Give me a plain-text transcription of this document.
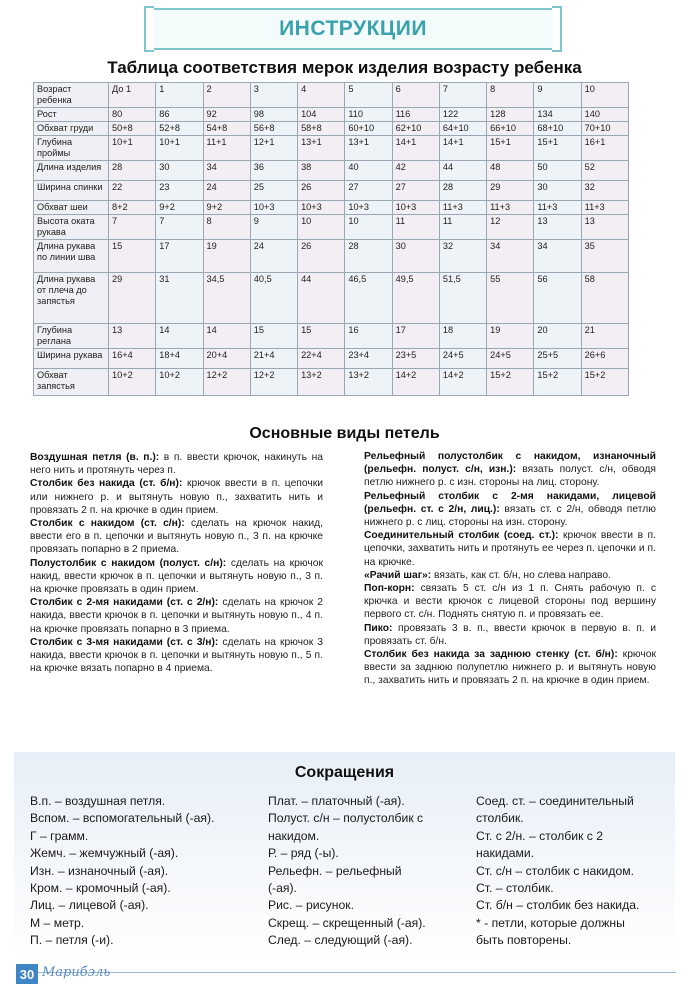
ИНСТРУКЦИИ
Таблица соответствия мерок изделия возрасту ребенка
Возраст ребенка	До 1	1	2	3	4	5	6	7	8	9	10
Рост	80	86	92	98	104	110	116	122	128	134	140
Обхват груди	50+8	52+8	54+8	56+8	58+8	60+10	62+10	64+10	66+10	68+10	70+10
Глубина проймы	10+1	10+1	11+1	12+1	13+1	13+1	14+1	14+1	15+1	15+1	16+1
Длина изделия	28	30	34	36	38	40	42	44	48	50	52
Ширина спинки	22	23	24	25	26	27	27	28	29	30	32
Обхват шеи	8+2	9+2	9+2	10+3	10+3	10+3	10+3	11+3	11+3	11+3	11+3
Высота оката рукава	7	7	8	9	10	10	11	11	12	13	13
Длина рукава по линии шва	15	17	19	24	26	28	30	32	34	34	35
Длина рукава от плеча до запястья	29	31	34,5	40,5	44	46,5	49,5	51,5	55	56	58
Глубина реглана	13	14	14	15	15	16	17	18	19	20	21
Ширина рукава	16+4	18+4	20+4	21+4	22+4	23+4	23+5	24+5	24+5	25+5	26+6
Обхват запястья	10+2	10+2	12+2	12+2	13+2	13+2	14+2	14+2	15+2	15+2	15+2
Основные виды петель

Воздушная петля (в. п.): в п. ввести крючок, накинуть на него нить и протянуть через п.

Столбик без накида (ст. б/н): крючок ввести в п. цепочки или нижнего р. и вытянуть новую п., захватить нить и провязать 2 п. на крючке в один прием.

Столбик с накидом (ст. с/н): сделать на крючок накид, ввести его в п. цепочки и вытянуть новую п., 3 п. на крючке провязать попарно в 2 приема.

Полустолбик с накидом (полуст. с/н): сделать на крючок накид, ввести крючок в п. цепочки и вытянуть новую п., 3 п. на крючке провязать в один прием.

Столбик с 2-мя накидами (ст. с 2/н): сделать на крючок 2 накида, ввести крючок в п. цепочки и вытянуть новую п., 4 п. на крючке провязать попарно в 3 приема.

Столбик с 3-мя накидами (ст. с 3/н): сделать на крючок 3 накида, ввести крючок в п. цепочки и вытянуть новую п., 5 п. на крючке вязать попарно в 4 приема.

Рельефный полустолбик с накидом, изнаночный (рельефн. полуст. с/н, изн.): вязать полуст. с/н, обводя петлю нижнего р. с изн. стороны на лиц. сторону.

Рельефный столбик с 2-мя накидами, лицевой (рельефн. ст. с 2/н, лиц.): вязать ст. с 2/н, обводя петлю нижнего р. с лиц. стороны на изн. сторону.

Соединительный столбик (соед. ст.): крючок ввести в п. цепочки, захватить нить и протянуть ее через п. цепочки и п. на крючке.

«Рачий шаг»: вязать, как ст. б/н, но слева направо.

Поп-корн: связать 5 ст. с/н из 1 п. Снять рабочую п. с крючка и вести крючок с лицевой стороны под вершину первого ст. с/н. Поднять снятую п. и провязать ее.

Пико: провязать 3 в. п., ввести крючок в первую в. п. и провязать ст. б/н.

Столбик без накида за заднюю стенку (ст. б/н): крючок ввести за заднюю полупетлю нижнего р. и вытянуть новую п., захватить нить и провязать 2 п. на крючке в один прием.

Сокращения
В.п. – воздушная петля.
Вспом. – вспомогательный (-ая).
Г – грамм.
Жемч. – жемчужный (-ая).
Изн. – изнаночный (-ая).
Кром. – кромочный (-ая).
Лиц. – лицевой (-ая).
М – метр.
П. – петля (-и).
Плат. – платочный (-ая).
Полуст. с/н – полустолбик с
накидом.
Р. – ряд (-ы).
Рельефн. – рельефный
(-ая).
Рис. – рисунок.
Скрещ. – скрещенный (-ая).
След. – следующий (-ая).
Соед. ст. – соединительный
столбик.
Ст. с 2/н. – столбик с 2
накидами.
Ст. с/н – столбик с накидом.
Ст. – столбик.
Ст. б/н – столбик без накида.
* - петли, которые должны
быть повторены.
30 Марибэль
